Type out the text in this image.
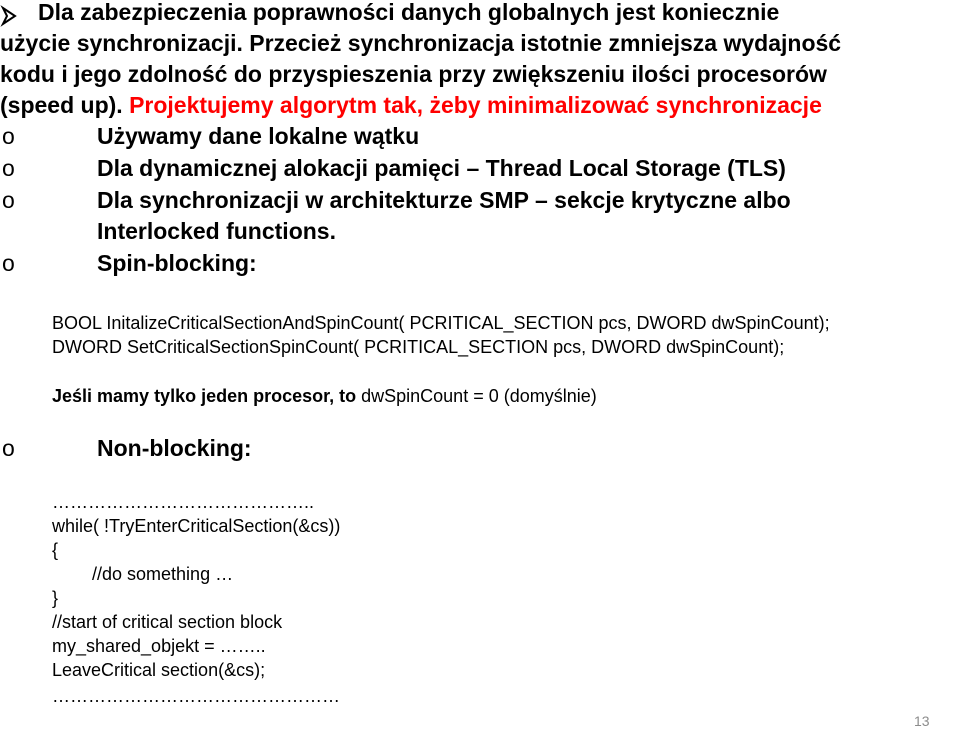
Dla zabezpieczenia poprawności danych globalnych jest koniecznie
użycie synchronizacji. Przecież synchronizacja istotnie zmniejsza wydajność
kodu i jego zdolność do przyspieszenia przy zwiększeniu ilości procesorów
(speed up). Projektujemy algorytm tak, żeby minimalizować synchronizacje
o	Używamy dane lokalne wątku
o	Dla dynamicznej alokacji pamięci – Thread Local Storage (TLS)
o	Dla synchronizacji w architekturze SMP – sekcje krytyczne albo
Interlocked functions.
o	Spin-blocking:
BOOL InitalizeCriticalSectionAndSpinCount( PCRITICAL_SECTION pcs, DWORD dwSpinCount);
DWORD SetCriticalSectionSpinCount( PCRITICAL_SECTION pcs, DWORD dwSpinCount);
Jeśli mamy tylko jeden procesor, to dwSpinCount = 0 (domyślnie)
o	Non-blocking:
……………………………………..
while( !TryEnterCriticalSection(&cs))
{
//do something …
}
//start of critical section block
my_shared_objekt = ……..
LeaveCritical section(&cs);
…………………………………………
13
